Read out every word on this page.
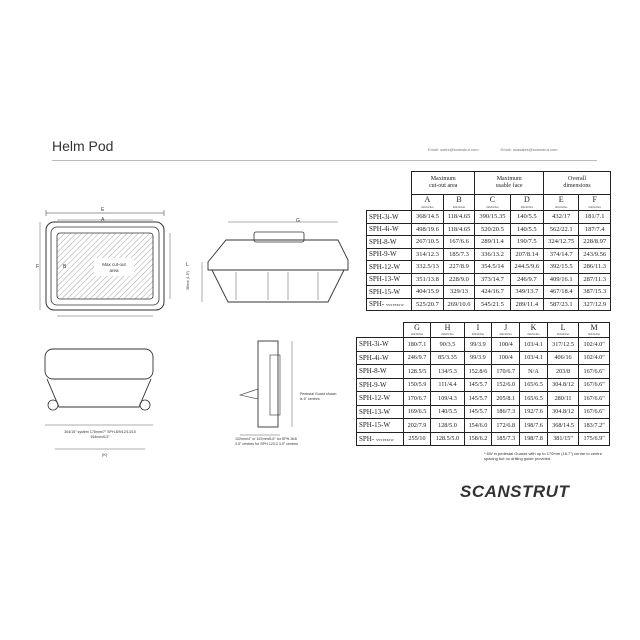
Helm Pod	Email: sales@scanstrut.com	Email: usasales@scanstrut.com
E
A
F	B	Max cut-out
area
G
L
38mm (1.5")
304/15" system 178mm/7" SPH-8/9/12/13/15 164mm/6.5"
(K)
102mm/4" or 167mm/6.6" for SPH-3i/4i 3.5" centres for SPH-12/13 3.5" centres
Pedestal Guard shown is 6" centres
	Maximum
cut-out area		Maximum
usable face		Overall
dimensions	
	A	B	C	D	E	F
	mm/inches	mm/inches	mm/inches	mm/inches	mm/inches	mm/inches
SPH-3i-W	368/14.5	118/4.65	390/15.35	140/5.5	432/17	181/7.1
SPH-4i-W	498/19.6	118/4.65	520/20.5	140/5.5	562/22.1	187/7.4
SPH-8-W	267/10.5	167/6.6	289/11.4	190/7.5	324/12.75	228/8.97
SPH-9-W	314/12.3	185/7.3	336/13.2	207/8.14	374/14.7	243/9.56
SPH-12-W	332.5/13	227/8.9	354.5/14	244.5/9.6	392/15.5	286/11.3
SPH-13-W	351/13.8	228/9.0	373/14.7	246/9.7	409/16.1	287/11.3
SPH-15-W	404/15.9	329/13	424/16.7	349/13.7	467/18.4	387/15.3
SPH- SYSTEM W	525/20.7	269/10.6	545/21.5	289/11.4	587/23.1	327/12.9
	G	H	I	J	K	L	M
	mm/inches	mm/inches	mm/inches	mm/inches	mm/inches	mm/inches	mm/inches
SPH-3i-W	180/7.1	90/3.5	99/3.9	100/4	103/4.1	317/12.5	102/4.0"
SPH-4i-W	246/9.7	85/3.35	99/3.9	100/4	103/4.1	406/16	102/4.0"
SPH-8-W	128.5/5	134/5.3	152.8/6	170/6.7	N/A	203/8	167/6.6"
SPH-9-W	150/5.9	111/4.4	145/5.7	152/6.0	165/6.5	304.8/12	167/6.6"
SPH-12-W	170/6.7	109/4.3	145/5.7	205/8.1	165/6.5	280/11	167/6.6"
SPH-13-W	169/6.5	140/5.5	145/5.7	186/7.3	192/7.6	304.8/12	167/6.6"
SPH-15-W	202/7.9	128/5.0	154/6.0	172/6.8	198/7.6	368/14.5	183/7.2"
SPH- SYSTEM W	255/10	128.5/5.0	158/6.2	185/7.3	198/7.8	381/15"	175/6.9"
* 6W in pedestal Guards with up to 170mm (16.7") centre to centre spacing but no drilling guide provided.
SCANSTRUT
